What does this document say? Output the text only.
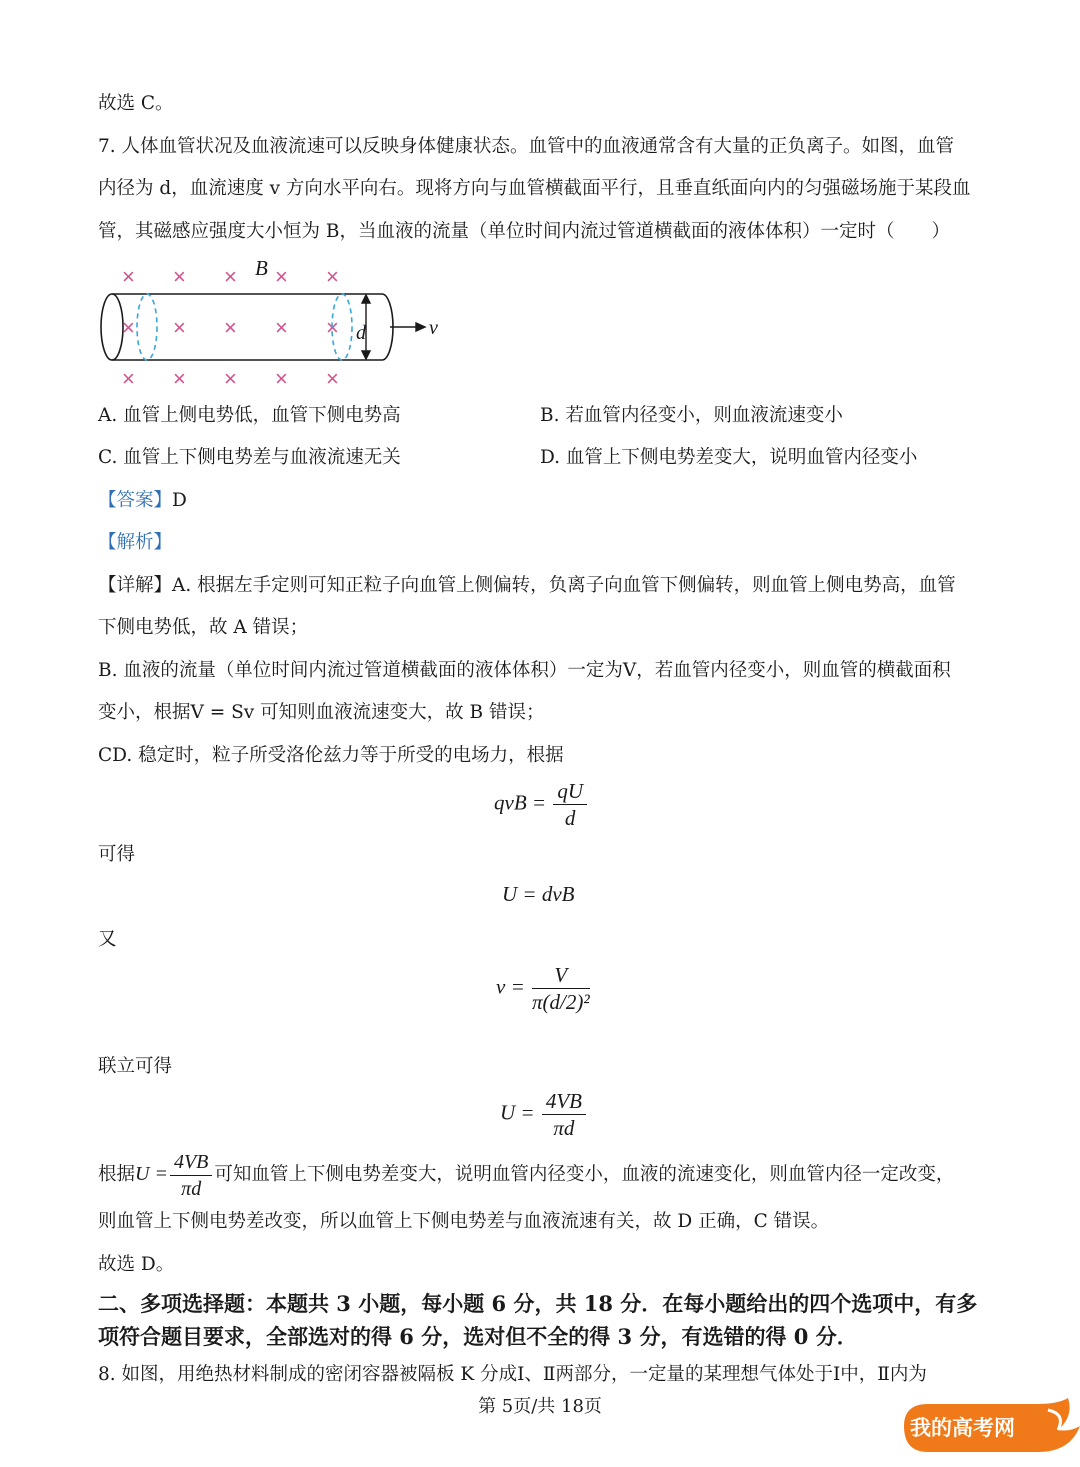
故选 C。
7. 人体血管状况及血液流速可以反映身体健康状态。血管中的血液通常含有大量的正负离子。如图，血管
内径为 d，血流速度 v 方向水平向右。现将方向与血管横截面平行，且垂直纸面向内的匀强磁场施于某段血
管，其磁感应强度大小恒为 B，当血液的流量（单位时间内流过管道横截面的液体体积）一定时（　　）
× × × × ×
× × × × ×
× × × × ×
B
d	v
A. 血管上侧电势低，血管下侧电势高	B. 若血管内径变小，则血液流速变小
C. 血管上下侧电势差与血液流速无关	D. 血管上下侧电势差变大，说明血管内径变小
【答案】D
【解析】
【详解】A. 根据左手定则可知正粒子向血管上侧偏转，负离子向血管下侧偏转，则血管上侧电势高，血管
下侧电势低，故 A 错误；
B. 血液的流量（单位时间内流过管道横截面的液体体积）一定为V，若血管内径变小，则血管的横截面积
变小，根据V = Sv 可知则血液流速变大，故 B 错误；
CD. 稳定时，粒子所受洛伦兹力等于所受的电场力，根据
qvB = $\frac{qU}{d}$
可得
U = dvB
又
$v = \frac{V}{\text{π(d/2)²}}$
联立可得
$U = \frac{4VB}{\pi d}$
根据$U = \frac{4VB}{\pi d}$ 可知血管上下侧电势差变大，说明血管内径变小，血液的流速变化，则血管内径一定改变，
则血管上下侧电势差改变，所以血管上下侧电势差与血液流速有关，故 D 正确，C 错误。
故选 D。
二、多项选择题：本题共 3 小题，每小题 6 分，共 18 分．在每小题给出的四个选项中，有多
项符合题目要求，全部选对的得 6 分，选对但不全的得 3 分，有选错的得 0 分．
8. 如图，用绝热材料制成的密闭容器被隔板 K 分成Ⅰ、Ⅱ两部分，一定量的某理想气体处于Ⅰ中，Ⅱ内为
第 5页/共 18页
我的高考网
